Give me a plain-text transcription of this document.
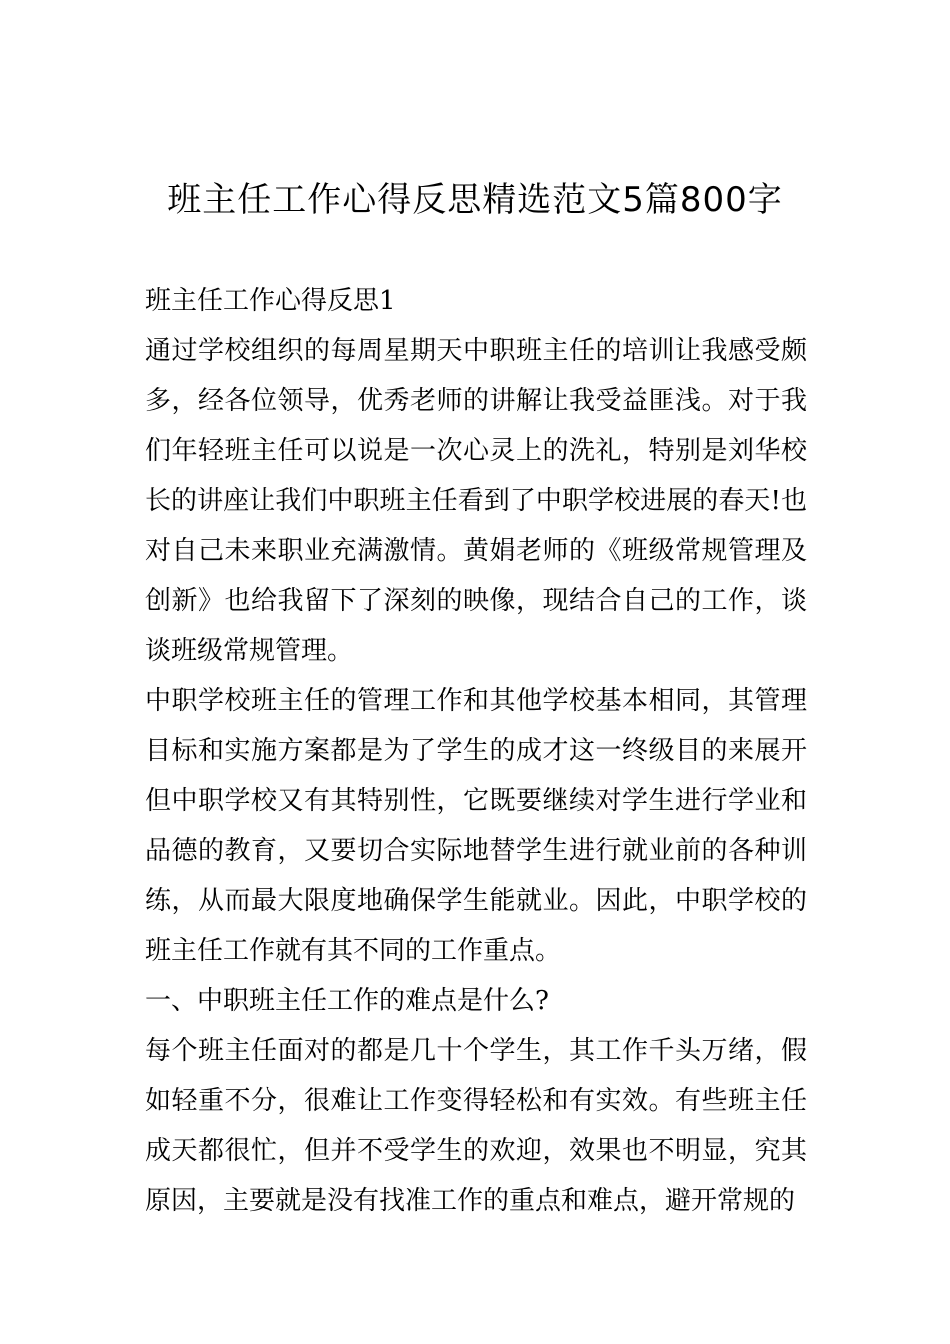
班主任工作心得反思精选范文5篇800字

班主任工作心得反思1

通过学校组织的每周星期天中职班主任的培训让我感受颇多，经各位领导，优秀老师的讲解让我受益匪浅。对于我们年轻班主任可以说是一次心灵上的洗礼，特别是刘华校长的讲座让我们中职班主任看到了中职学校进展的春天!也对自己未来职业充满激情。黄娟老师的《班级常规管理及创新》也给我留下了深刻的映像，现结合自己的工作，谈谈班级常规管理。

中职学校班主任的管理工作和其他学校基本相同，其管理目标和实施方案都是为了学生的成才这一终级目的来展开但中职学校又有其特别性，它既要继续对学生进行学业和品德的教育，又要切合实际地替学生进行就业前的各种训练，从而最大限度地确保学生能就业。因此，中职学校的班主任工作就有其不同的工作重点。

一、中职班主任工作的难点是什么?

每个班主任面对的都是几十个学生，其工作千头万绪，假如轻重不分，很难让工作变得轻松和有实效。有些班主任成天都很忙，但并不受学生的欢迎，效果也不明显，究其原因，主要就是没有找准工作的重点和难点，避开常规的
